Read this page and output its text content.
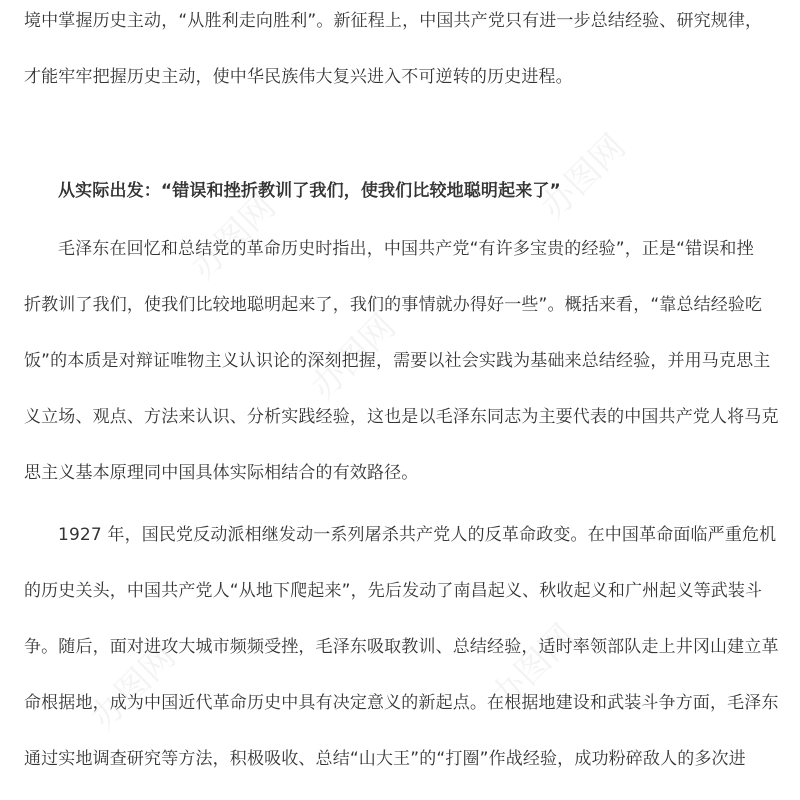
办图网
办图网
办图网
办图网	办图网
境中掌握历史主动，“从胜利走向胜利”。新征程上，中国共产党只有进一步总结经验、研究规律，
才能牢牢把握历史主动，使中华民族伟大复兴进入不可逆转的历史进程。
从实际出发：“错误和挫折教训了我们，使我们比较地聪明起来了”
毛泽东在回忆和总结党的革命历史时指出，中国共产党“有许多宝贵的经验”，正是“错误和挫
折教训了我们，使我们比较地聪明起来了，我们的事情就办得好一些”。概括来看，“靠总结经验吃
饭”的本质是对辩证唯物主义认识论的深刻把握，需要以社会实践为基础来总结经验，并用马克思主
义立场、观点、方法来认识、分析实践经验，这也是以毛泽东同志为主要代表的中国共产党人将马克
思主义基本原理同中国具体实际相结合的有效路径。
1927 年，国民党反动派相继发动一系列屠杀共产党人的反革命政变。在中国革命面临严重危机
的历史关头，中国共产党人“从地下爬起来”，先后发动了南昌起义、秋收起义和广州起义等武装斗
争。随后，面对进攻大城市频频受挫，毛泽东吸取教训、总结经验，适时率领部队走上井冈山建立革
命根据地，成为中国近代革命历史中具有决定意义的新起点。在根据地建设和武装斗争方面，毛泽东
通过实地调查研究等方法，积极吸收、总结“山大王”的“打圈”作战经验，成功粉碎敌人的多次进
